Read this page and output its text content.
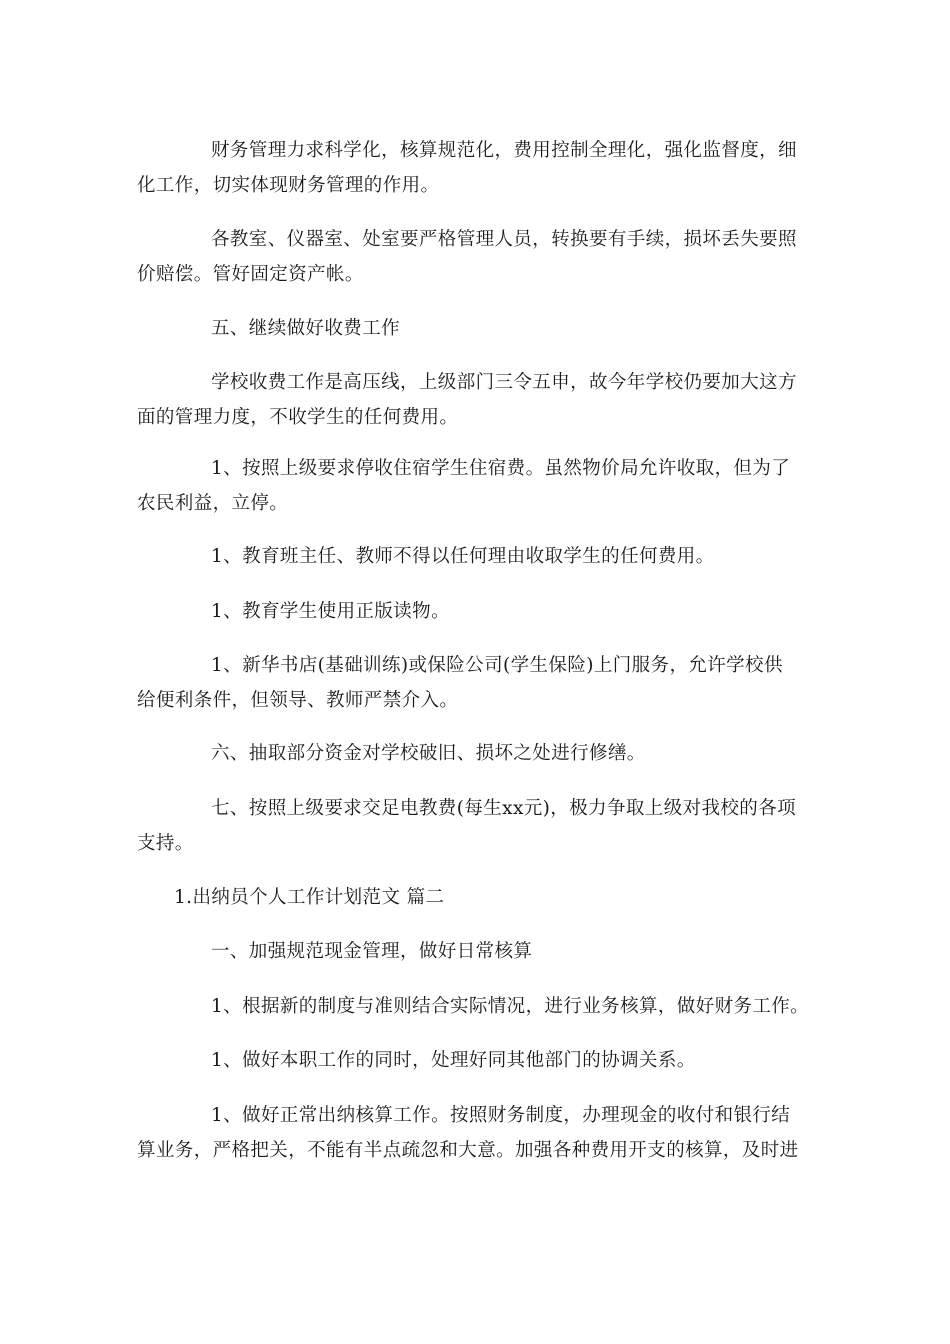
财务管理力求科学化，核算规范化，费用控制全理化，强化监督度，细
化工作，切实体现财务管理的作用。

各教室、仪器室、处室要严格管理人员，转换要有手续，损坏丢失要照
价赔偿。管好固定资产帐。

五、继续做好收费工作

学校收费工作是高压线，上级部门三令五申，故今年学校仍要加大这方
面的管理力度，不收学生的任何费用。

1、按照上级要求停收住宿学生住宿费。虽然物价局允许收取，但为了
农民利益，立停。

1、教育班主任、教师不得以任何理由收取学生的任何费用。

1、教育学生使用正版读物。

1、新华书店(基础训练)或保险公司(学生保险)上门服务，允许学校供
给便利条件，但领导、教师严禁介入。

六、抽取部分资金对学校破旧、损坏之处进行修缮。

七、按照上级要求交足电教费(每生xx元)，极力争取上级对我校的各项
支持。

1.出纳员个人工作计划范文 篇二

一、加强规范现金管理，做好日常核算

1、根据新的制度与准则结合实际情况，进行业务核算，做好财务工作。

1、做好本职工作的同时，处理好同其他部门的协调关系。

1、做好正常出纳核算工作。按照财务制度，办理现金的收付和银行结
算业务，严格把关，不能有半点疏忽和大意。加强各种费用开支的核算，及时进
